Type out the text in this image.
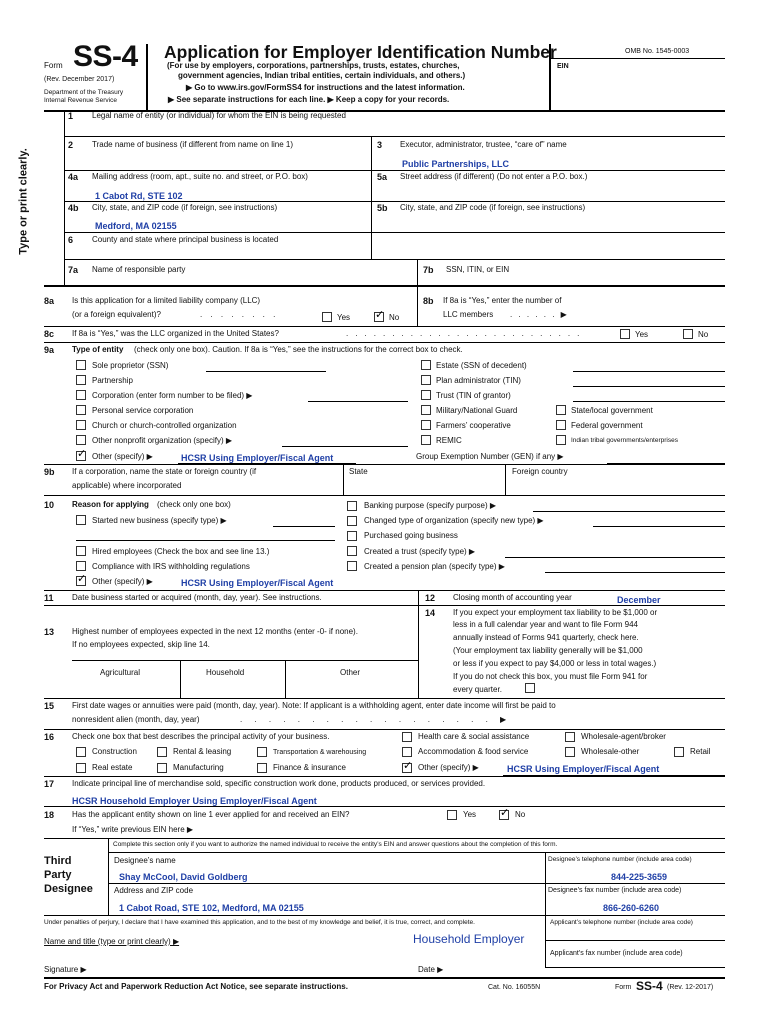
Form SS-4
(Rev. December 2017)
Department of the Treasury
Internal Revenue Service
Application for Employer Identification Number
(For use by employers, corporations, partnerships, trusts, estates, churches,
government agencies, Indian tribal entities, certain individuals, and others.)
▶ Go to www.irs.gov/FormSS4 for instructions and the latest information.
▶ See separate instructions for each line. ▶ Keep a copy for your records.
OMB No. 1545-0003
EIN
Type or print clearly.
1 Legal name of entity (or individual) for whom the EIN is being requested
2 Trade name of business (if different from name on line 1)	3 Executor, administrator, trustee, “care of” name
Public Partnerships, LLC
4a Mailing address (room, apt., suite no. and street, or P.O. box)	5a Street address (if different) (Do not enter a P.O. box.)
1 Cabot Rd, STE 102
4b City, state, and ZIP code (if foreign, see instructions)	5b City, state, and ZIP code (if foreign, see instructions)
Medford, MA 02155
6 County and state where principal business is located
7a Name of responsible party	7b SSN, ITIN, or EIN
8a Is this application for a limited liability company (LLC)
(or a foreign equivalent)?	. . . . . . . .	Yes ✓	No
8b If 8a is “Yes,” enter the number of
LLC members . . . . . . ▶
8c If 8a is “Yes,” was the LLC organized in the United States?	. . . . . . . . . . . . . . . . . . . . . . . . . .	Yes	No
9a Type of entity (check only one box). Caution. If 8a is “Yes,” see the instructions for the correct box to check.
Sole proprietor (SSN)
Partnership
Corporation (enter form number to be filed) ▶
Personal service corporation
Church or church-controlled organization
Other nonprofit organization (specify) ▶
✓
Other (specify) ▶	HCSR Using Employer/Fiscal Agent
Estate (SSN of decedent)
Plan administrator (TIN)
Trust (TIN of grantor)
Military/National Guard
Farmers’ cooperative
REMIC
State/local government
Federal government
Indian tribal governments/enterprises
Group Exemption Number (GEN) if any ▶
9b If a corporation, name the state or foreign country (if
applicable) where incorporated
State	Foreign country
10 Reason for applying (check only one box)
Started new business (specify type) ▶
Hired employees (Check the box and see line 13.)
Compliance with IRS withholding regulations
✓
Other (specify) ▶	HCSR Using Employer/Fiscal Agent
Banking purpose (specify purpose) ▶
Changed type of organization (specify new type) ▶
Purchased going business
Created a trust (specify type) ▶
Created a pension plan (specify type) ▶
11 Date business started or acquired (month, day, year). See instructions.	12 Closing month of accounting year	December
14 If you expect your employment tax liability to be $1,000 or
less in a full calendar year and want to file Form 944
annually instead of Forms 941 quarterly, check here.
(Your employment tax liability generally will be $1,000
or less if you expect to pay $4,000 or less in total wages.)
If you do not check this box, you must file Form 941 for
every quarter.
13 Highest number of employees expected in the next 12 months (enter -0- if none).
If no employees expected, skip line 14.
Agricultural	Household	Other
15 First date wages or annuities were paid (month, day, year). Note: If applicant is a withholding agent, enter date income will first be paid to
nonresident alien (month, day, year)	. . . . . . . . . . . . . . . . . . ▶
16 Check one box that best describes the principal activity of your business.	Health care & social assistance	Wholesale-agent/broker
Construction	Rental & leasing	Transportation & warehousing	Accommodation & food service	Wholesale-other	Retail
Real estate	Manufacturing	Finance & insurance ✓	Other (specify) ▶	HCSR Using Employer/Fiscal Agent
17 Indicate principal line of merchandise sold, specific construction work done, products produced, or services provided.
HCSR Household Employer Using Employer/Fiscal Agent
18 Has the applicant entity shown on line 1 ever applied for and received an EIN?	Yes ✓	No
If “Yes,” write previous EIN here ▶
Third
Party
Designee
Complete this section only if you want to authorize the named individual to receive the entity’s EIN and answer questions about the completion of this form.
Designee’s name
Shay McCool, David Goldberg
Designee’s telephone number (include area code)
844-225-3659
Address and ZIP code
1 Cabot Road, STE 102, Medford, MA 02155
Designee’s fax number (include area code)
866-260-6260
Under penalties of perjury, I declare that I have examined this application, and to the best of my knowledge and belief, it is true, correct, and complete.	Applicant’s telephone number (include area code)
Name and title (type or print clearly) ▶	Household Employer
Applicant’s fax number (include area code)
Signature ▶	Date ▶
For Privacy Act and Paperwork Reduction Act Notice, see separate instructions.	Cat. No. 16055N	Form SS-4 (Rev. 12-2017)
